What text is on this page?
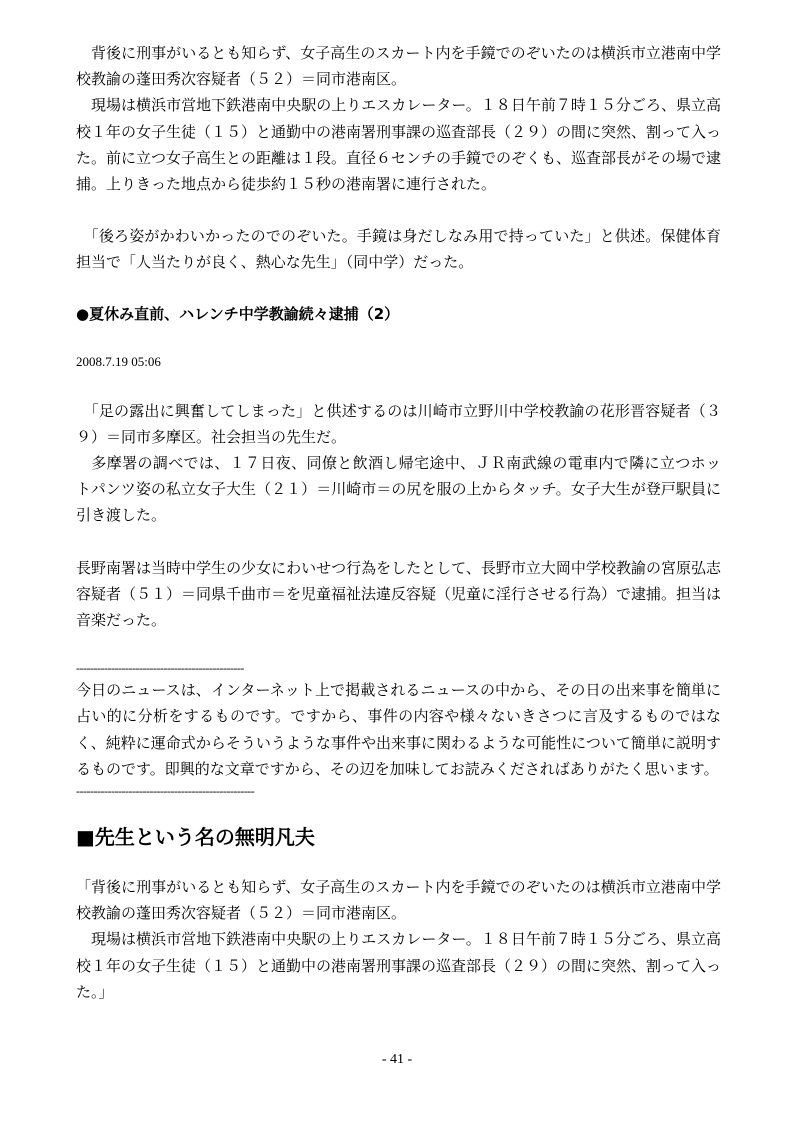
　背後に刑事がいるとも知らず、女子高生のスカート内を手鏡でのぞいたのは横浜市立港南中学校教諭の蓬田秀次容疑者（５２）＝同市港南区。
　現場は横浜市営地下鉄港南中央駅の上りエスカレーター。１８日午前７時１５分ごろ、県立高校１年の女子生徒（１５）と通勤中の港南署刑事課の巡査部長（２９）の間に突然、割って入った。前に立つ女子高生との距離は１段。直径６センチの手鏡でのぞくも、巡査部長がその場で逮捕。上りきった地点から徒歩約１５秒の港南署に連行された。

　「後ろ姿がかわいかったのでのぞいた。手鏡は身だしなみ用で持っていた」と供述。保健体育担当で「人当たりが良く、熱心な先生」（同中学）だった。

●夏休み直前、ハレンチ中学教諭続々逮捕（2）

2008.7.19 05:06

　「足の露出に興奮してしまった」と供述するのは川崎市立野川中学校教諭の花形晋容疑者（３９）＝同市多摩区。社会担当の先生だ。
　多摩署の調べでは、１７日夜、同僚と飲酒し帰宅途中、ＪＲ南武線の電車内で隣に立つホットパンツ姿の私立女子大生（２１）＝川崎市＝の尻を服の上からタッチ。女子大生が登戸駅員に引き渡した。

長野南署は当時中学生の少女にわいせつ行為をしたとして、長野市立大岡中学校教諭の宮原弘志容疑者（５１）＝同県千曲市＝を児童福祉法違反容疑（児童に淫行させる行為）で逮捕。担当は音楽だった。

------------------------------------------------

今日のニュースは、インターネット上で掲載されるニュースの中から、その日の出来事を簡単に占い的に分析をするものです。ですから、事件の内容や様々ないきさつに言及するものではなく、純粋に運命式からそういうような事件や出来事に関わるような可能性について簡単に説明するものです。即興的な文章ですから、その辺を加味してお読みくださればありがたく思います。

---------------------------------------------------

■先生という名の無明凡夫

「背後に刑事がいるとも知らず、女子高生のスカート内を手鏡でのぞいたのは横浜市立港南中学校教諭の蓬田秀次容疑者（５２）＝同市港南区。
　現場は横浜市営地下鉄港南中央駅の上りエスカレーター。１８日午前７時１５分ごろ、県立高校１年の女子生徒（１５）と通勤中の港南署刑事課の巡査部長（２９）の間に突然、割って入った。」

- 41 -
